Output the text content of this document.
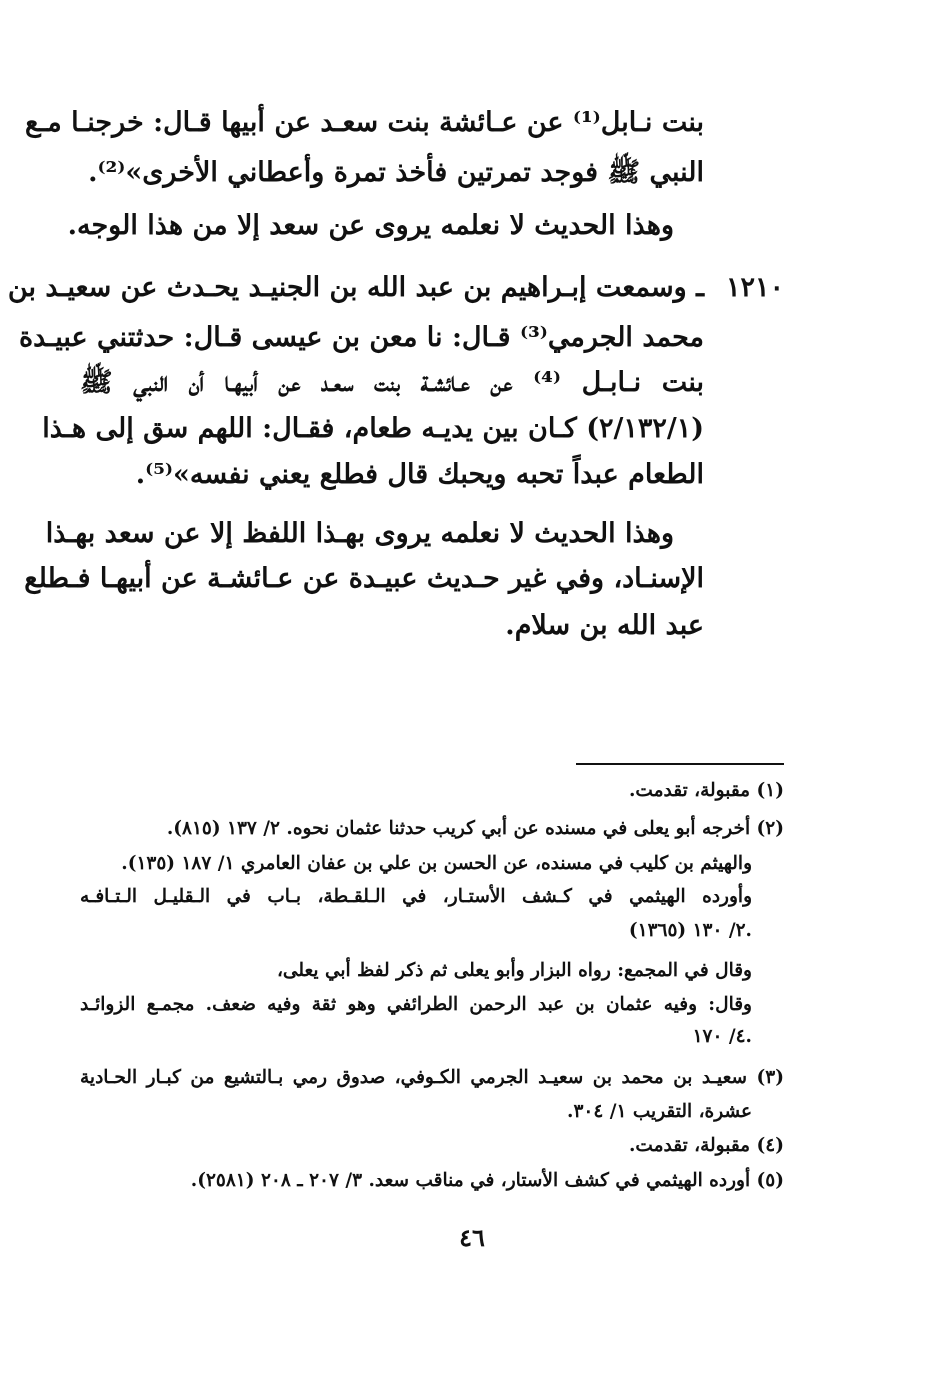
بنت نـابل⁽¹⁾ عن عـائشة بنت سعـد عن أبيها قـال: خرجنـا مـع
النبي ﷺ فوجد تمرتين فأخذ تمرة وأعطاني الأخرى»⁽²⁾.
وهذا الحديث لا نعلمه يروى عن سعد إلا من هذا الوجه.
١٢١٠
ـ وسمعت إبـراهيم بن عبد الله بن الجنيـد يحـدث عن سعيـد بن
محمد الجرمي⁽³⁾ قـال: نا معن بن عيسى قـال: حدثتني عبيـدة
بنت نـابـل ⁽⁴⁾ عن عـائشـة بنت سعـد عن أبيهـا أن النبي ﷺ
(٢/١٣٢/١) كـان بين يديـه طعام، فقـال: اللهم سق إلى هـذا
الطعام عبداً تحبه ويحبك قال فطلع يعني نفسه»⁽⁵⁾.
وهذا الحديث لا نعلمه يروى بهـذا اللفظ إلا عن سعد بهـذا
الإسنـاد، وفي غير حـديث عبيـدة عن عـائشـة عن أبيهـا فـطلع
عبد الله بن سلام.
(١) مقبولة، تقدمت.
(٢) أخرجه أبو يعلى في مسنده عن أبي كريب حدثنا عثمان نحوه. ٢/ ١٣٧ (٨١٥).
والهيثم بن كليب في مسنده، عن الحسن بن علي بن عفان العامري ١/ ١٨٧ (١٣٥).
وأورده الهيثمي في كـشف الأستـار، في الـلقـطة، بـاب في الـقليـل الـتـافـه
٢/ ١٣٠ (١٣٦٥).
وقال في المجمع: رواه البزار وأبو يعلى ثم ذكر لفظ أبي يعلى،
وقال: وفيه عثمان بن عبد الرحمن الطرائفي وهو ثقة وفيه ضعف. مجمـع الزوائـد
٤/ ١٧٠.
(٣) سعيـد بن محمد بن سعيـد الجرمي الكـوفي، صدوق رمي بـالتشيع من كبـار الحـادية
عشرة، التقريب ١/ ٣٠٤.
(٤) مقبولة، تقدمت.
(٥) أورده الهيثمي في كشف الأستار، في مناقب سعد. ٣/ ٢٠٧ ـ ٢٠٨ (٢٥٨١).
٤٦
